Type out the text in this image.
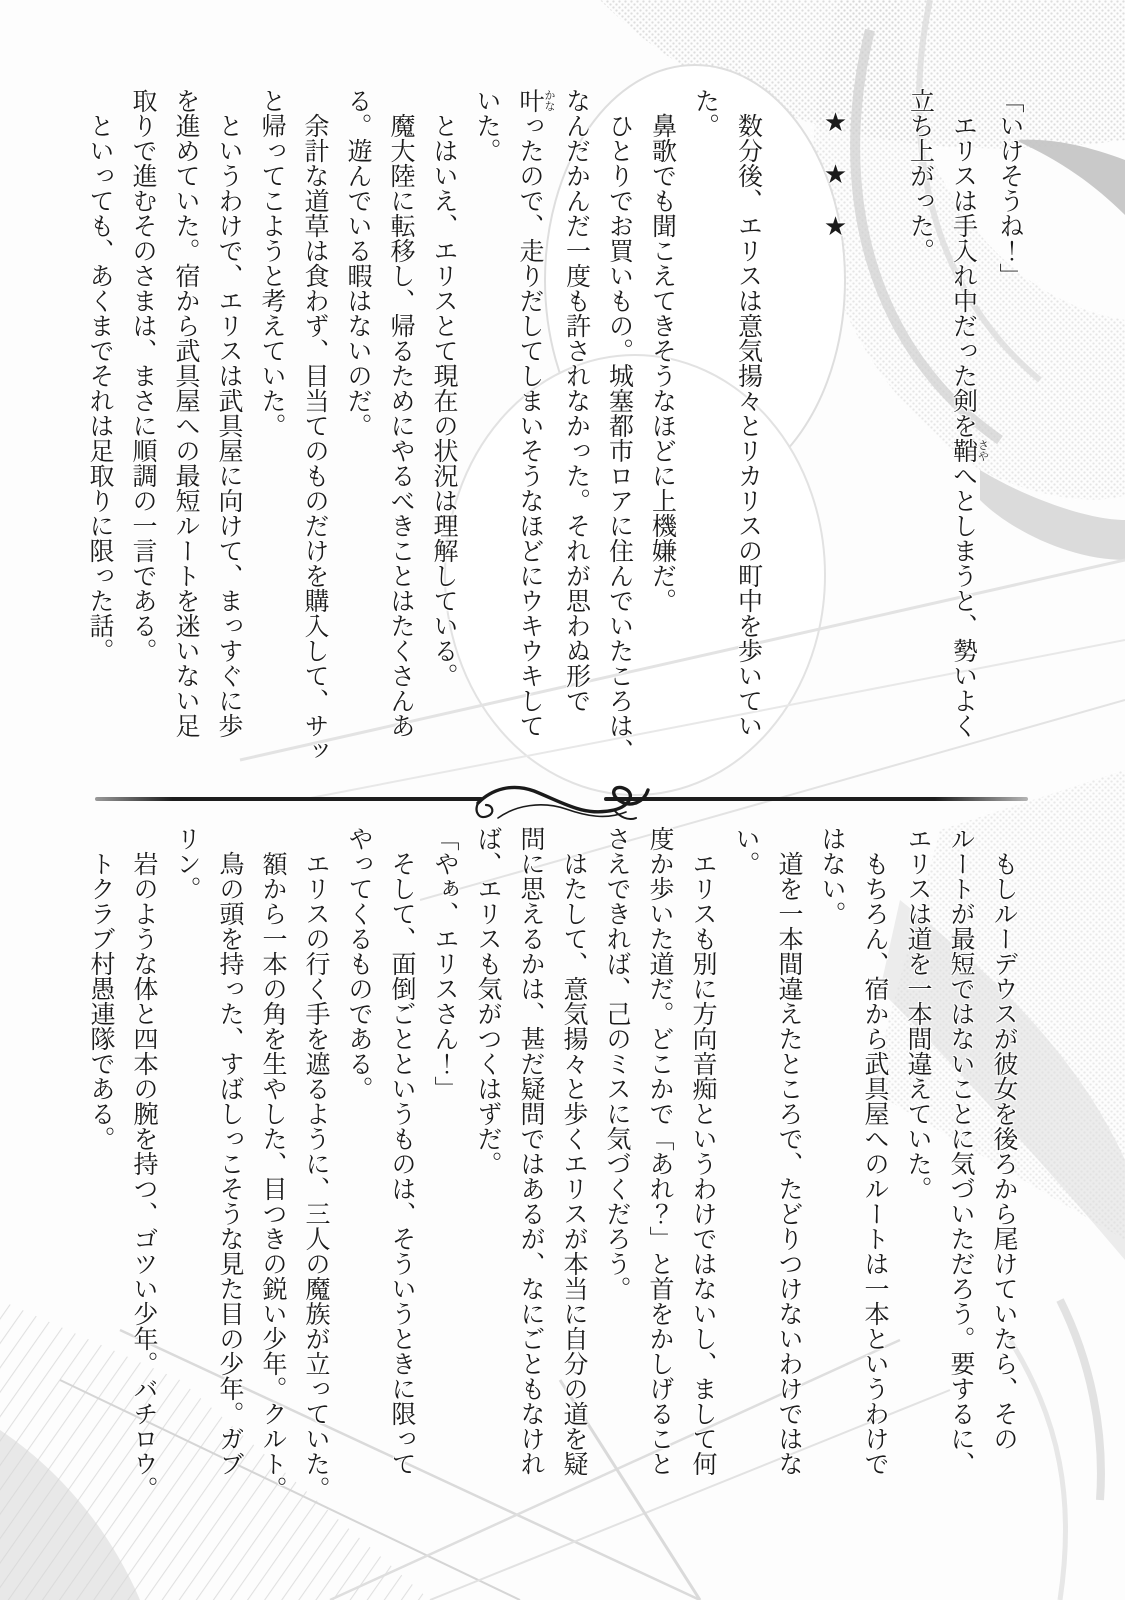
「いけそうね！」

エリスは手入れ中だった剣を鞘さやへとしまうと、勢いよく

立ち上がった。

★★★

数分後、エリスは意気揚々とリカリスの町中を歩いてい

た。

鼻歌でも聞こえてきそうなほどに上機嫌だ。

ひとりでお買いもの。城塞都市ロアに住んでいたころは、

なんだかんだ一度も許されなかった。それが思わぬ形で

叶かなったので、走りだしてしまいそうなほどにウキウキして

いた。

とはいえ、エリスとて現在の状況は理解している。

魔大陸に転移し、帰るためにやるべきことはたくさんあ

る。遊んでいる暇はないのだ。

余計な道草は食わず、目当てのものだけを購入して、サッ

と帰ってこようと考えていた。

というわけで、エリスは武具屋に向けて、まっすぐに歩

を進めていた。宿から武具屋への最短ルートを迷いない足

取りで進むそのさまは、まさに順調の一言である。

といっても、あくまでそれは足取りに限った話。

もしルーデウスが彼女を後ろから尾けていたら、その

ルートが最短ではないことに気づいただろう。要するに、

エリスは道を一本間違えていた。

もちろん、宿から武具屋へのルートは一本というわけで

はない。

道を一本間違えたところで、たどりつけないわけではな

い。

エリスも別に方向音痴というわけではないし、まして何

度か歩いた道だ。どこかで「あれ？」と首をかしげること

さえできれば、己のミスに気づくだろう。

はたして、意気揚々と歩くエリスが本当に自分の道を疑

問に思えるかは、甚だ疑問ではあるが、なにごともなけれ

ば、エリスも気がつくはずだ。

「やぁ、エリスさん！」

そして、面倒ごとというものは、そういうときに限って

やってくるものである。

エリスの行く手を遮るように、三人の魔族が立っていた。

額から一本の角を生やした、目つきの鋭い少年。クルト。

鳥の頭を持った、すばしっこそうな見た目の少年。ガブ

リン。

岩のような体と四本の腕を持つ、ゴツい少年。バチロウ。

トクラブ村愚連隊である。
